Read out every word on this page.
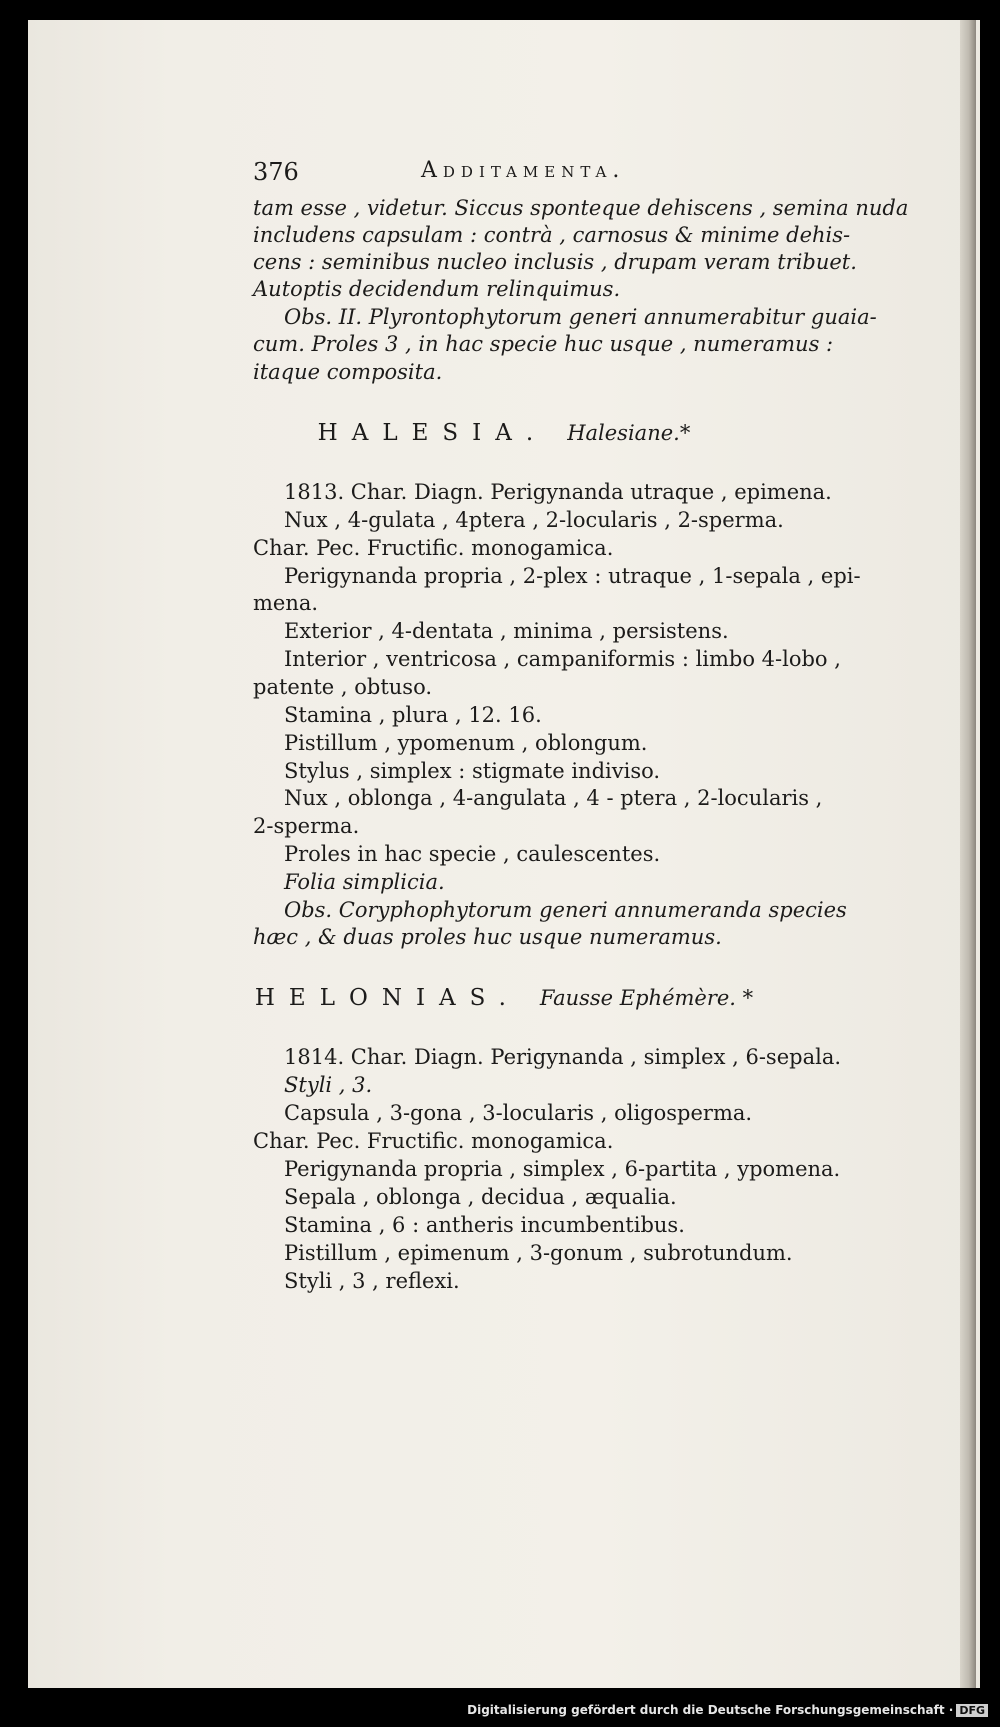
376	Additamenta.
tam esse , videtur. Siccus sponteque dehiscens , semina nuda
includens capsulam : contrà , carnosus & minime dehis-
cens : seminibus nucleo inclusis , drupam veram tribuet.
Autoptis decidendum relinquimus.
Obs. II. Plyrontophytorum generi annumerabitur guaia-
cum. Proles 3 , in hac specie huc usque , numeramus :
itaque composita.
HALESIA. Halesiane.*
1813. Char. Diagn. Perigynanda utraque , epimena.
Nux , 4-gulata , 4ptera , 2-locularis , 2-sperma.
Char. Pec. Fructific. monogamica.
Perigynanda propria , 2-plex : utraque , 1-sepala , epi-
mena.
Exterior , 4-dentata , minima , persistens.
Interior , ventricosa , campaniformis : limbo 4-lobo ,
patente , obtuso.
Stamina , plura , 12. 16.
Pistillum , ypomenum , oblongum.
Stylus , simplex : stigmate indiviso.
Nux , oblonga , 4-angulata , 4 - ptera , 2-locularis ,
2-sperma.
Proles in hac specie , caulescentes.
Folia simplicia.
Obs. Coryphophytorum generi annumeranda species
hæc , & duas proles huc usque numeramus.
HELONIAS. Fausse Ephémère. *
1814. Char. Diagn. Perigynanda , simplex , 6-sepala.
Styli , 3.
Capsula , 3-gona , 3-locularis , oligosperma.
Char. Pec. Fructific. monogamica.
Perigynanda propria , simplex , 6-partita , ypomena.
Sepala , oblonga , decidua , æqualia.
Stamina , 6 : antheris incumbentibus.
Pistillum , epimenum , 3-gonum , subrotundum.
Styli , 3 , reflexi.
Digitalisierung gefördert durch die Deutsche Forschungsgemeinschaft · DFG
